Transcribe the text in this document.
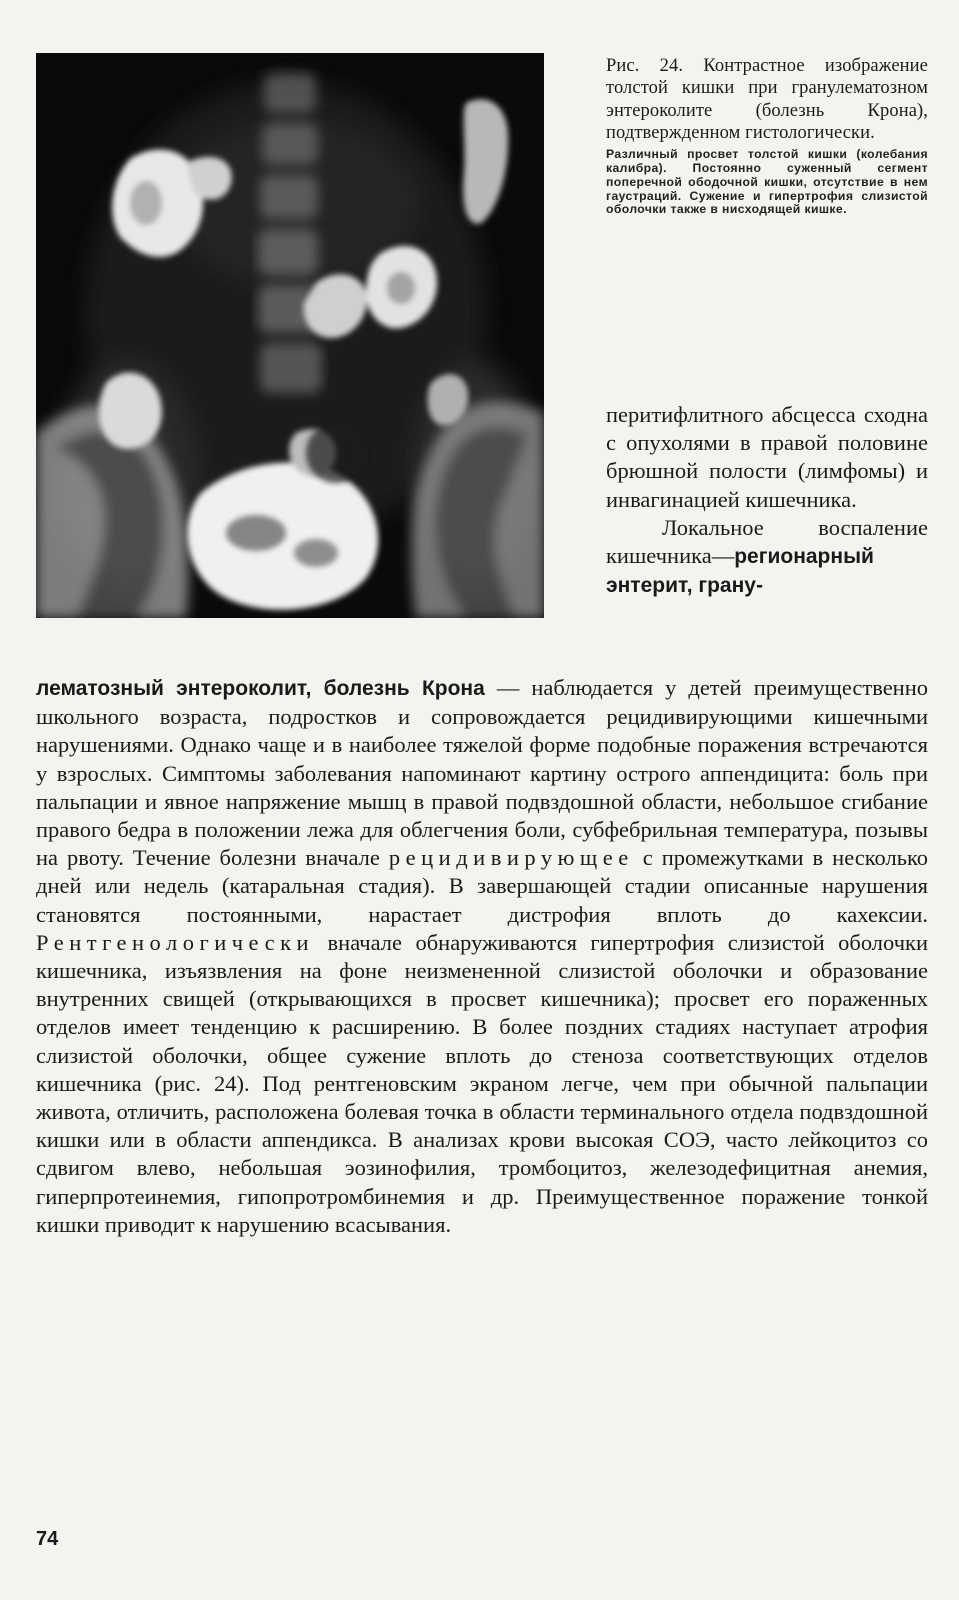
Рис. 24. Контрастное изображение толстой кишки при гранулематозном энтероколите (болезнь Крона), подтвержденном гистологически.

Различный просвет толстой кишки (колебания калибра). Постоянно суженный сегмент поперечной ободочной кишки, отсутствие в нем гаустраций. Сужение и гипертрофия слизистой оболочки также в нисходящей кишке.

перитифлитного абсцесса сходна с опухолями в правой половине брюшной полости (лимфомы) и инвагинацией кишечника.

Локальное воспаление кишечника—регионарный энтерит, грану-

лематозный энтероколит, болезнь Крона — наблюдается у детей преимущественно школьного возраста, подростков и сопровождается рецидивирующими кишечными нарушениями. Однако чаще и в наиболее тяжелой форме подобные поражения встречаются у взрослых. Симптомы заболевания напоминают картину острого аппендицита: боль при пальпации и явное напряжение мышц в правой подвздошной области, небольшое сгибание правого бедра в положении лежа для облегчения боли, субфебрильная температура, позывы на рвоту. Течение болезни вначале рецидивирующее с промежутками в несколько дней или недель (катаральная стадия). В завершающей стадии описанные нарушения становятся постоянными, нарастает дистрофия вплоть до кахексии. Рентгенологически вначале обнаруживаются гипертрофия слизистой оболочки кишечника, изъязвления на фоне неизмененной слизистой оболочки и образование внутренних свищей (открывающихся в просвет кишечника); просвет его пораженных отделов имеет тенденцию к расширению. В более поздних стадиях наступает атрофия слизистой оболочки, общее сужение вплоть до стеноза соответствующих отделов кишечника (рис. 24). Под рентгеновским экраном легче, чем при обычной пальпации живота, отличить, расположена болевая точка в области терминального отдела подвздошной кишки или в области аппендикса. В анализах крови высокая СОЭ, часто лейкоцитоз со сдвигом влево, небольшая эозинофилия, тромбоцитоз, железодефицитная анемия, гиперпротеинемия, гипопротромбинемия и др. Преимущественное поражение тонкой кишки приводит к нарушению всасывания.

74
